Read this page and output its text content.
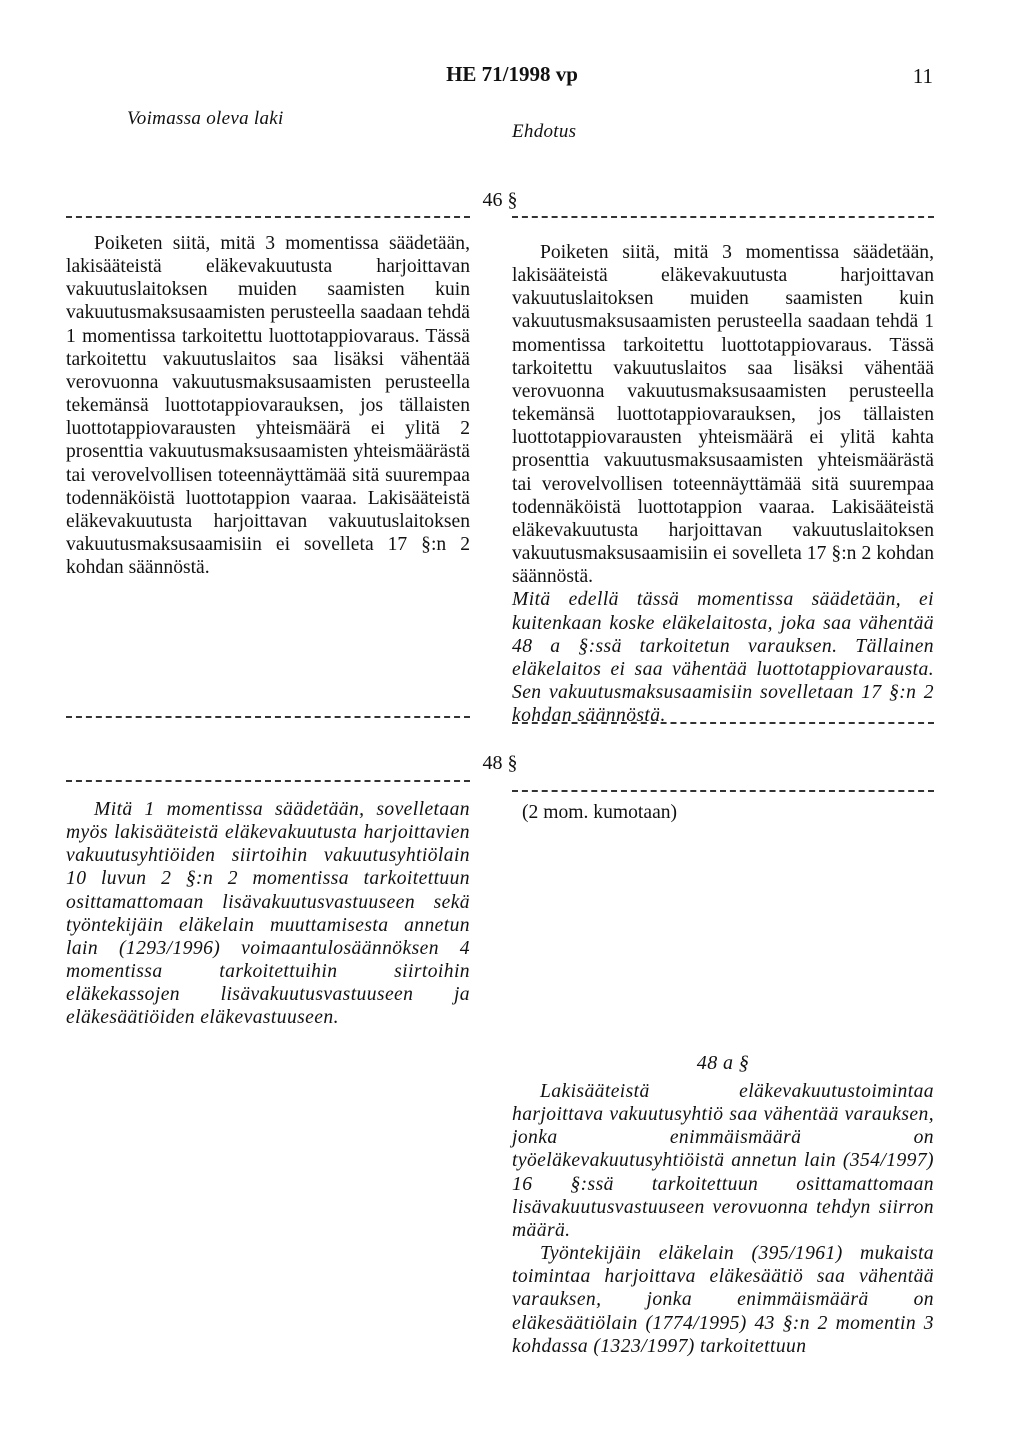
HE 71/1998 vp	11
Voimassa oleva laki
Ehdotus
46 §

Poiketen siitä, mitä 3 momentissa säädetään, lakisääteistä eläkevakuutusta harjoittavan vakuutuslaitoksen muiden saamisten kuin vakuutusmaksusaamisten perusteella saadaan tehdä 1 momentissa tarkoitettu luottotappiovaraus. Tässä tarkoitettu vakuutuslaitos saa lisäksi vähentää verovuonna vakuutusmaksusaamisten perusteella tekemänsä luottotappiovarauksen, jos tällaisten luottotappiovarausten yhteismäärä ei ylitä 2 prosenttia vakuutusmaksusaamisten yhteismäärästä tai verovelvollisen toteennäyttämää sitä suurempaa todennäköistä luottotappion vaaraa. Lakisääteistä eläkevakuutusta harjoittavan vakuutuslaitoksen vakuutusmaksusaamisiin ei sovelleta 17 §:n 2 kohdan säännöstä.

Poiketen siitä, mitä 3 momentissa säädetään, lakisääteistä eläkevakuutusta harjoittavan vakuutuslaitoksen muiden saamisten kuin vakuutusmaksusaamisten perusteella saadaan tehdä 1 momentissa tarkoitettu luottotappiovaraus. Tässä tarkoitettu vakuutuslaitos saa lisäksi vähentää verovuonna vakuutusmaksusaamisten perusteella tekemänsä luottotappiovarauksen, jos tällaisten luottotappiovarausten yhteismäärä ei ylitä kahta prosenttia vakuutusmaksusaamisten yhteismäärästä tai verovelvollisen toteennäyttämää sitä suurempaa todennäköistä luottotappion vaaraa. Lakisääteistä eläkevakuutusta harjoittavan vakuutuslaitoksen vakuutusmaksusaamisiin ei sovelleta 17 §:n 2 kohdan säännöstä.

Mitä edellä tässä momentissa säädetään, ei kuitenkaan koske eläkelaitosta, joka saa vähentää 48 a §:ssä tarkoitetun varauksen. Tällainen eläkelaitos ei saa vähentää luottotappiovarausta. Sen vakuutusmaksusaamisiin sovelletaan 17 §:n 2 kohdan säännöstä.

48 §

Mitä 1 momentissa säädetään, sovelletaan myös lakisääteistä eläkevakuutusta harjoittavien vakuutusyhtiöiden siirtoihin vakuutusyhtiölain 10 luvun 2 §:n 2 momentissa tarkoitettuun osittamattomaan lisävakuutusvastuuseen sekä työntekijäin eläkelain muuttamisesta annetun lain (1293/1996) voimaantulosäännöksen 4 momentissa tarkoitettuihin siirtoihin eläkekassojen lisävakuutusvastuuseen ja eläkesäätiöiden eläkevastuuseen.

(2 mom. kumotaan)

48 a §

Lakisääteistä eläkevakuutustoimintaa harjoittava vakuutusyhtiö saa vähentää varauksen, jonka enimmäismäärä on työeläkevakuutusyhtiöistä annetun lain (354/1997) 16 §:ssä tarkoitettuun osittamattomaan lisävakuutusvastuuseen verovuonna tehdyn siirron määrä.

Työntekijäin eläkelain (395/1961) mukaista toimintaa harjoittava eläkesäätiö saa vähentää varauksen, jonka enimmäismäärä on eläkesäätiölain (1774/1995) 43 §:n 2 momentin 3 kohdassa (1323/1997) tarkoitettuun
